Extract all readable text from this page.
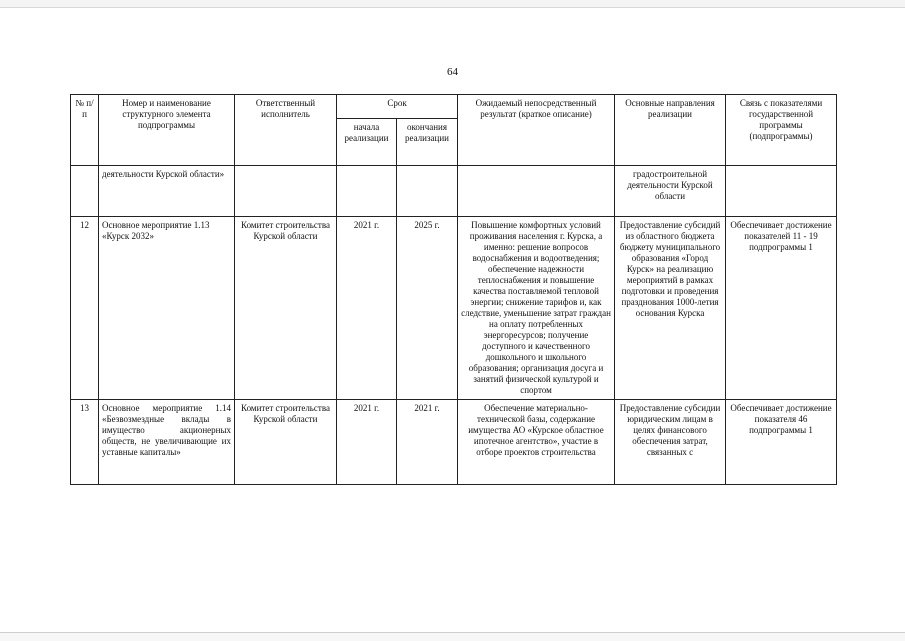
64
№ п/п	Номер и наименование структурного элемента подпрограммы	Ответственный исполнитель	Срок		Ожидаемый непосредственный результат (краткое описание)	Основные направления реализации	Связь с показателями государственной программы (подпрограммы)
			начала реализации	окончания реализации			
	деятельности Курской области»					градостроительной деятельности Курской области	
12	Основное мероприятие 1.13 «Курск 2032»	Комитет строительства Курской области	2021 г.	2025 г.	Повышение комфортных условий проживания населения г. Курска, а именно: решение вопросов водоснабжения и водоотведения; обеспечение надежности теплоснабжения и повышение качества поставляемой тепловой энергии; снижение тарифов и, как следствие, уменьшение затрат граждан на оплату потребленных энергоресурсов; получение доступного и качественного дошкольного и школьного образования; организация досуга и занятий физической культурой и спортом	Предоставление субсидий из областного бюджета бюджету муниципального образования «Город Курск» на реализацию мероприятий в рамках подготовки и проведения празднования 1000-летия основания Курска	Обеспечивает достижение показателей 11 - 19 подпрограммы 1
13	Основное мероприятие 1.14 «Безвозмездные вклады в имущество акционерных обществ, не увеличивающие их уставные капиталы»	Комитет строительства Курской области	2021 г.	2021 г.	Обеспечение материально-технической базы, содержание имущества АО «Курское областное ипотечное агентство», участие в отборе проектов строительства	Предоставление субсидии юридическим лицам в целях финансового обеспечения затрат, связанных с	Обеспечивает достижение показателя 46 подпрограммы 1
